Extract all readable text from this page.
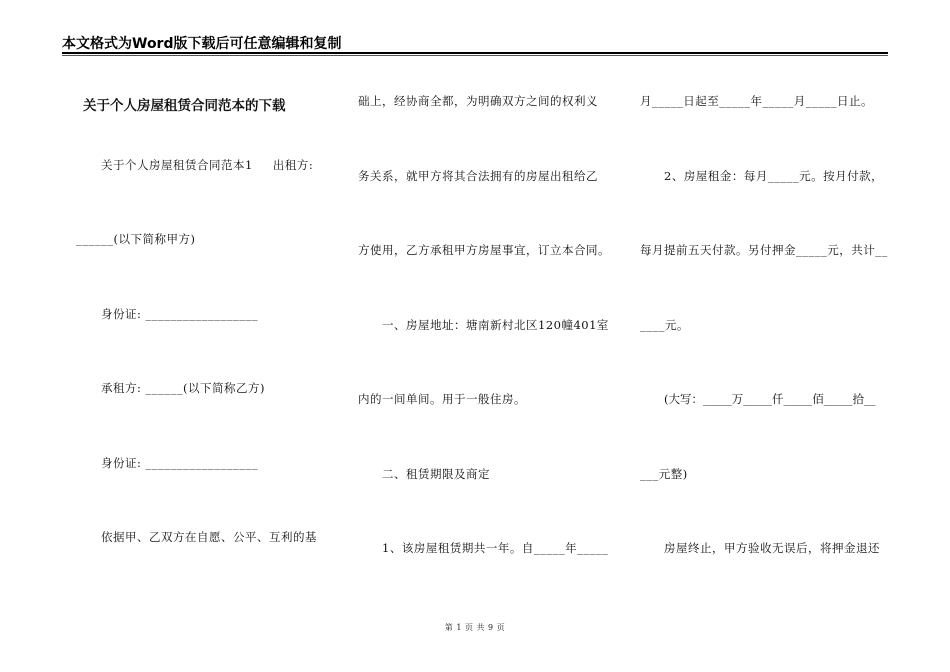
本文格式为Word版下载后可任意编辑和复制
关于个人房屋租赁合同范本的下载
关于个人房屋租赁合同范本1 出租方:
______(以下简称甲方)
身份证: __________________
承租方: ______(以下简称乙方)
身份证: __________________
依据甲、乙双方在自愿、公平、互利的基
础上，经协商全都，为明确双方之间的权利义
务关系，就甲方将其合法拥有的房屋出租给乙
方使用，乙方承租甲方房屋事宜，订立本合同。
一、房屋地址：塘南新村北区120幢401室
内的一间单间。用于一般住房。
二、租赁期限及商定
1、该房屋租赁期共一年。自_____年_____
月_____日起至_____年_____月_____日止。
2、房屋租金：每月_____元。按月付款，
每月提前五天付款。另付押金_____元，共计__
____元。
(大写：_____万_____仟_____佰_____拾__
___元整)
房屋终止，甲方验收无误后，将押金退还
第 1 页 共 9 页
